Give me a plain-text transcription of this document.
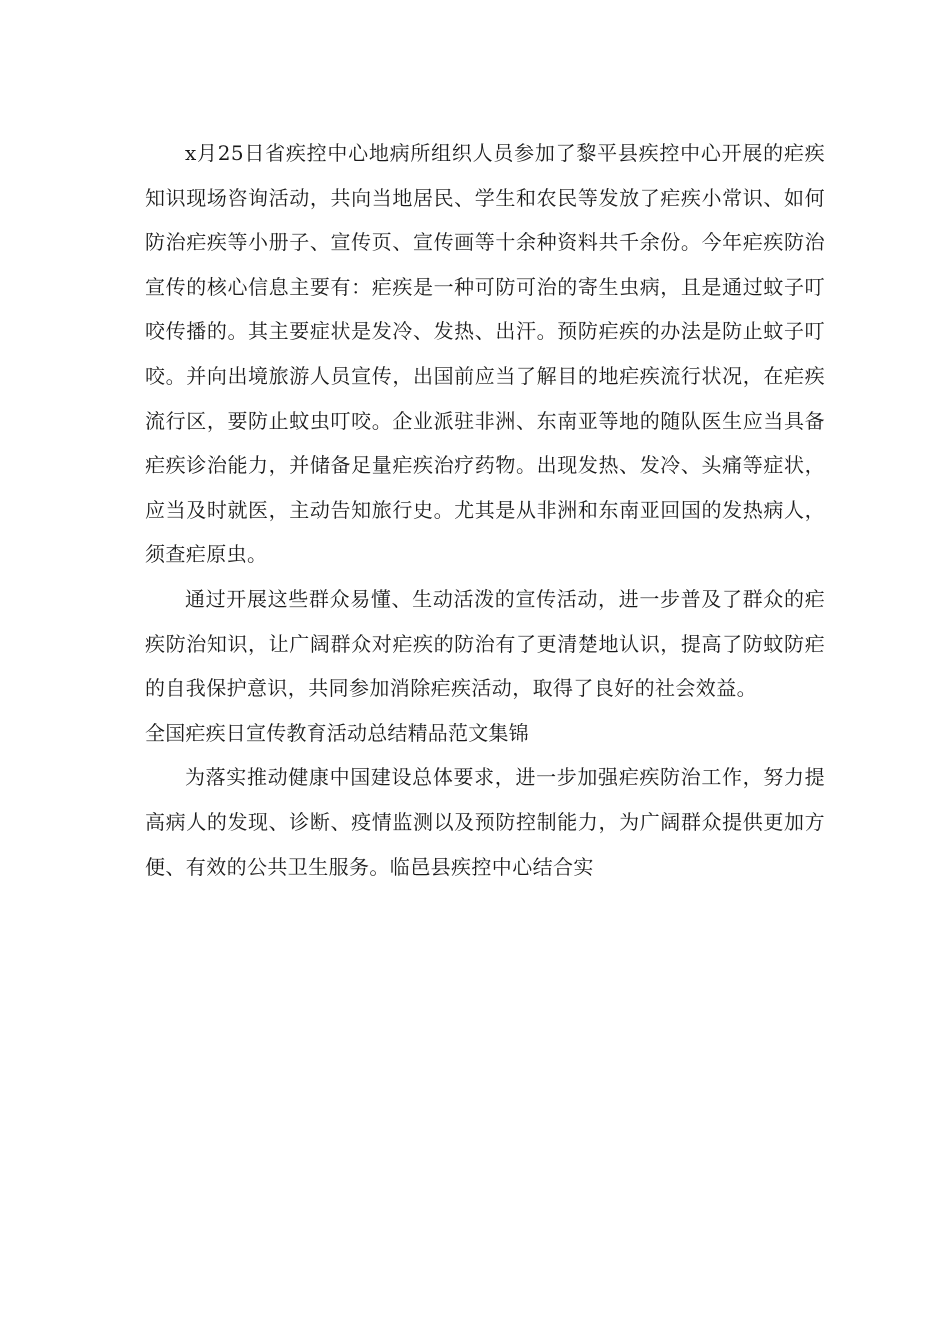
x月25日省疾控中心地病所组织人员参加了黎平县疾控中心开展的疟疾知识现场咨询活动，共向当地居民、学生和农民等发放了疟疾小常识、如何防治疟疾等小册子、宣传页、宣传画等十余种资料共千余份。今年疟疾防治宣传的核心信息主要有：疟疾是一种可防可治的寄生虫病，且是通过蚊子叮咬传播的。其主要症状是发冷、发热、出汗。预防疟疾的办法是防止蚊子叮咬。并向出境旅游人员宣传，出国前应当了解目的地疟疾流行状况，在疟疾流行区，要防止蚊虫叮咬。企业派驻非洲、东南亚等地的随队医生应当具备疟疾诊治能力，并储备足量疟疾治疗药物。出现发热、发冷、头痛等症状，应当及时就医，主动告知旅行史。尤其是从非洲和东南亚回国的发热病人，须查疟原虫。

通过开展这些群众易懂、生动活泼的宣传活动，进一步普及了群众的疟疾防治知识，让广阔群众对疟疾的防治有了更清楚地认识，提高了防蚊防疟的自我保护意识，共同参加消除疟疾活动，取得了良好的社会效益。

全国疟疾日宣传教育活动总结精品范文集锦

为落实推动健康中国建设总体要求，进一步加强疟疾防治工作，努力提高病人的发现、诊断、疫情监测以及预防控制能力，为广阔群众提供更加方便、有效的公共卫生服务。临邑县疾控中心结合实
